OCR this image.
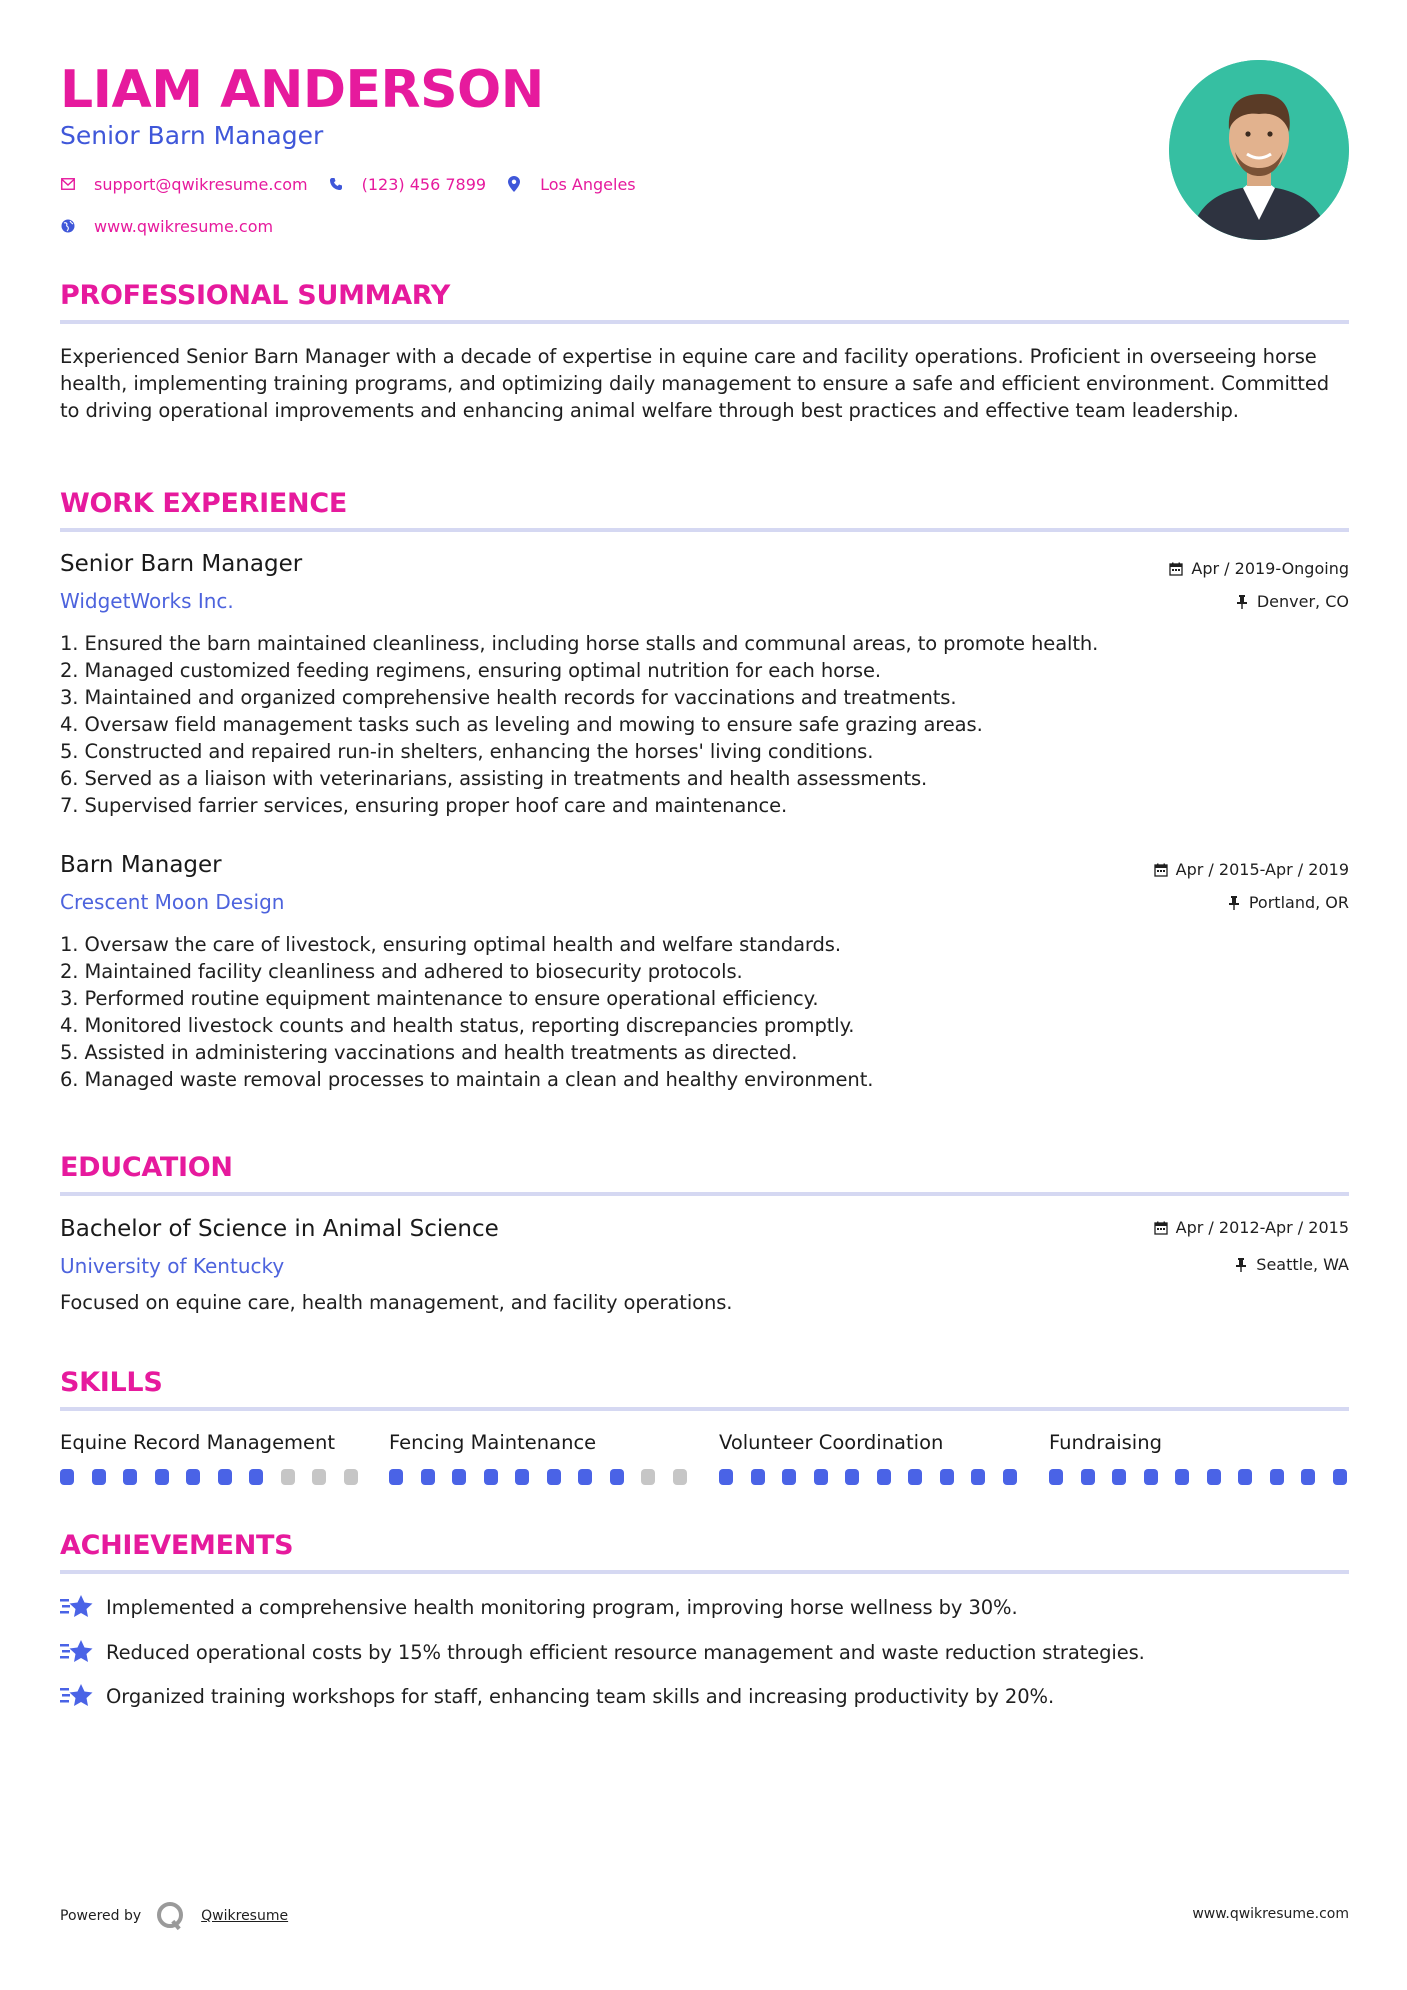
LIAM ANDERSON
Senior Barn Manager
support@qwikresume.com	(123) 456 7899	Los Angeles
www.qwikresume.com
PROFESSIONAL SUMMARY
Experienced Senior Barn Manager with a decade of expertise in equine care and facility operations. Proficient in overseeing horse health, implementing training programs, and optimizing daily management to ensure a safe and efficient environment. Committed to driving operational improvements and enhancing animal welfare through best practices and effective team leadership.
WORK EXPERIENCE
Senior Barn Manager
WidgetWorks Inc.
Apr / 2019-Ongoing
Denver, CO
1. Ensured the barn maintained cleanliness, including horse stalls and communal areas, to promote health.
2. Managed customized feeding regimens, ensuring optimal nutrition for each horse.
3. Maintained and organized comprehensive health records for vaccinations and treatments.
4. Oversaw field management tasks such as leveling and mowing to ensure safe grazing areas.
5. Constructed and repaired run-in shelters, enhancing the horses' living conditions.
6. Served as a liaison with veterinarians, assisting in treatments and health assessments.
7. Supervised farrier services, ensuring proper hoof care and maintenance.
Barn Manager
Crescent Moon Design
Apr / 2015-Apr / 2019
Portland, OR
1. Oversaw the care of livestock, ensuring optimal health and welfare standards.
2. Maintained facility cleanliness and adhered to biosecurity protocols.
3. Performed routine equipment maintenance to ensure operational efficiency.
4. Monitored livestock counts and health status, reporting discrepancies promptly.
5. Assisted in administering vaccinations and health treatments as directed.
6. Managed waste removal processes to maintain a clean and healthy environment.
EDUCATION
Bachelor of Science in Animal Science
University of Kentucky
Apr / 2012-Apr / 2015
Seattle, WA
Focused on equine care, health management, and facility operations.
SKILLS
Equine Record Management	Fencing Maintenance	Volunteer Coordination	Fundraising
ACHIEVEMENTS
Implemented a comprehensive health monitoring program, improving horse wellness by 30%.
Reduced operational costs by 15% through efficient resource management and waste reduction strategies.
Organized training workshops for staff, enhancing team skills and increasing productivity by 20%.
Powered by	Qwikresume	www.qwikresume.com
